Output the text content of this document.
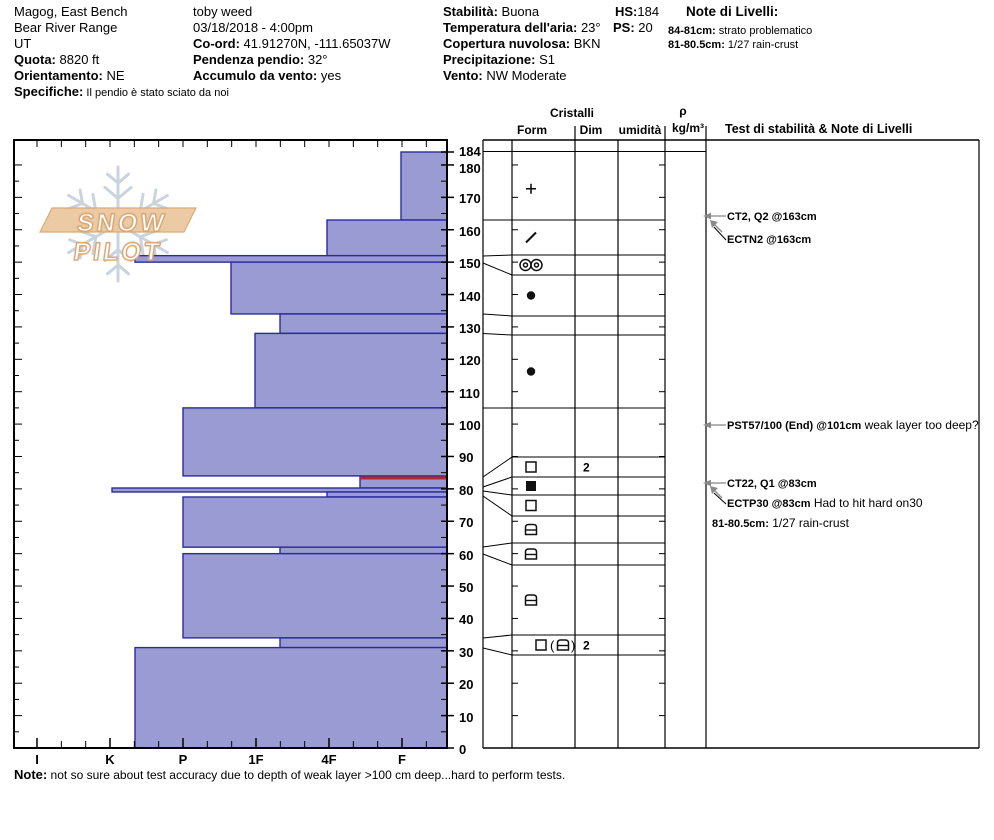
Magog, East Bench
Bear River Range
UT
Quota: 8820 ft
Orientamento: NE
Specifiche: Il pendio è stato sciato da noi
toby weed
03/18/2018 - 4:00pm
Co-ord: 41.91270N, -111.65037W
Pendenza pendio: 32°
Accumulo da vento: yes
Stabilità: Buona
Temperatura dell'aria: 23°
Copertura nuvolosa: BKN
Precipitazione: S1
Vento: NW Moderate
HS:184
PS: 20
Note di Livelli:
84-81cm: strato problematico
81-80.5cm: 1/27 rain-crust
Cristalli
Form	Dim umidità
ρ
kg/m³ Test di stabilità & Note di Livelli
2
( ) 2
SNOW PILOT
184
180
170
160
150
140
130
120
110
100
90
80
70
60
50
40
30
20
10
0
I	K	P	1F	4F	F
CT2, Q2 @163cm
ECTN2 @163cm
PST57/100 (End) @101cm weak layer too deep?
CT22, Q1 @83cm
ECTP30 @83cm Had to hit hard on30
81-80.5cm: 1/27 rain-crust
Note: not so sure about test accuracy due to depth of weak layer >100 cm deep...hard to perform tests.
